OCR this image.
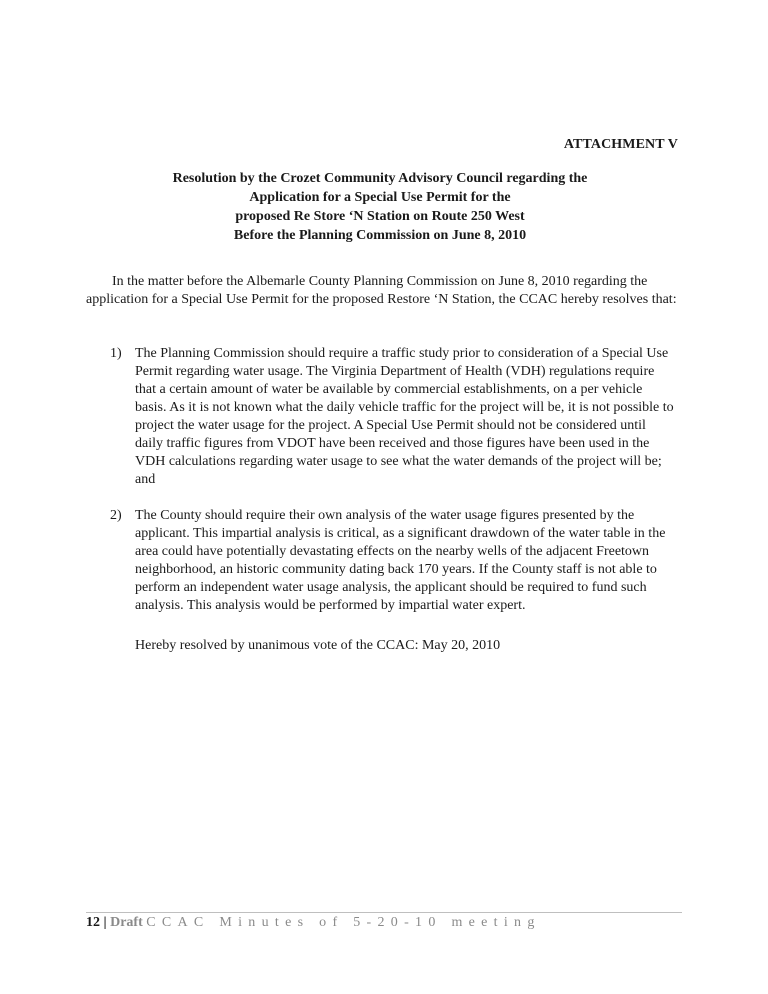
ATTACHMENT V
Resolution by the Crozet Community Advisory Council regarding the
Application for a Special Use Permit for the
proposed Re Store ‘N Station on Route 250 West
Before the Planning Commission on June 8, 2010

In the matter before the Albemarle County Planning Commission on June 8, 2010 regarding the application for a Special Use Permit for the proposed Restore ‘N Station, the CCAC hereby resolves that:

1) The Planning Commission should require a traffic study prior to consideration of a Special Use Permit regarding water usage. The Virginia Department of Health (VDH) regulations require that a certain amount of water be available by commercial establishments, on a per vehicle basis. As it is not known what the daily vehicle traffic for the project will be, it is not possible to project the water usage for the project. A Special Use Permit should not be considered until daily traffic figures from VDOT have been received and those figures have been used in the VDH calculations regarding water usage to see what the water demands of the project will be; and
2) The County should require their own analysis of the water usage figures presented by the applicant. This impartial analysis is critical, as a significant drawdown of the water table in the area could have potentially devastating effects on the nearby wells of the adjacent Freetown neighborhood, an historic community dating back 170 years. If the County staff is not able to perform an independent water usage analysis, the applicant should be required to fund such analysis. This analysis would be performed by impartial water expert.
Hereby resolved by unanimous vote of the CCAC: May 20, 2010
12 | Draft CCAC Minutes of 5-20-10 meeting
